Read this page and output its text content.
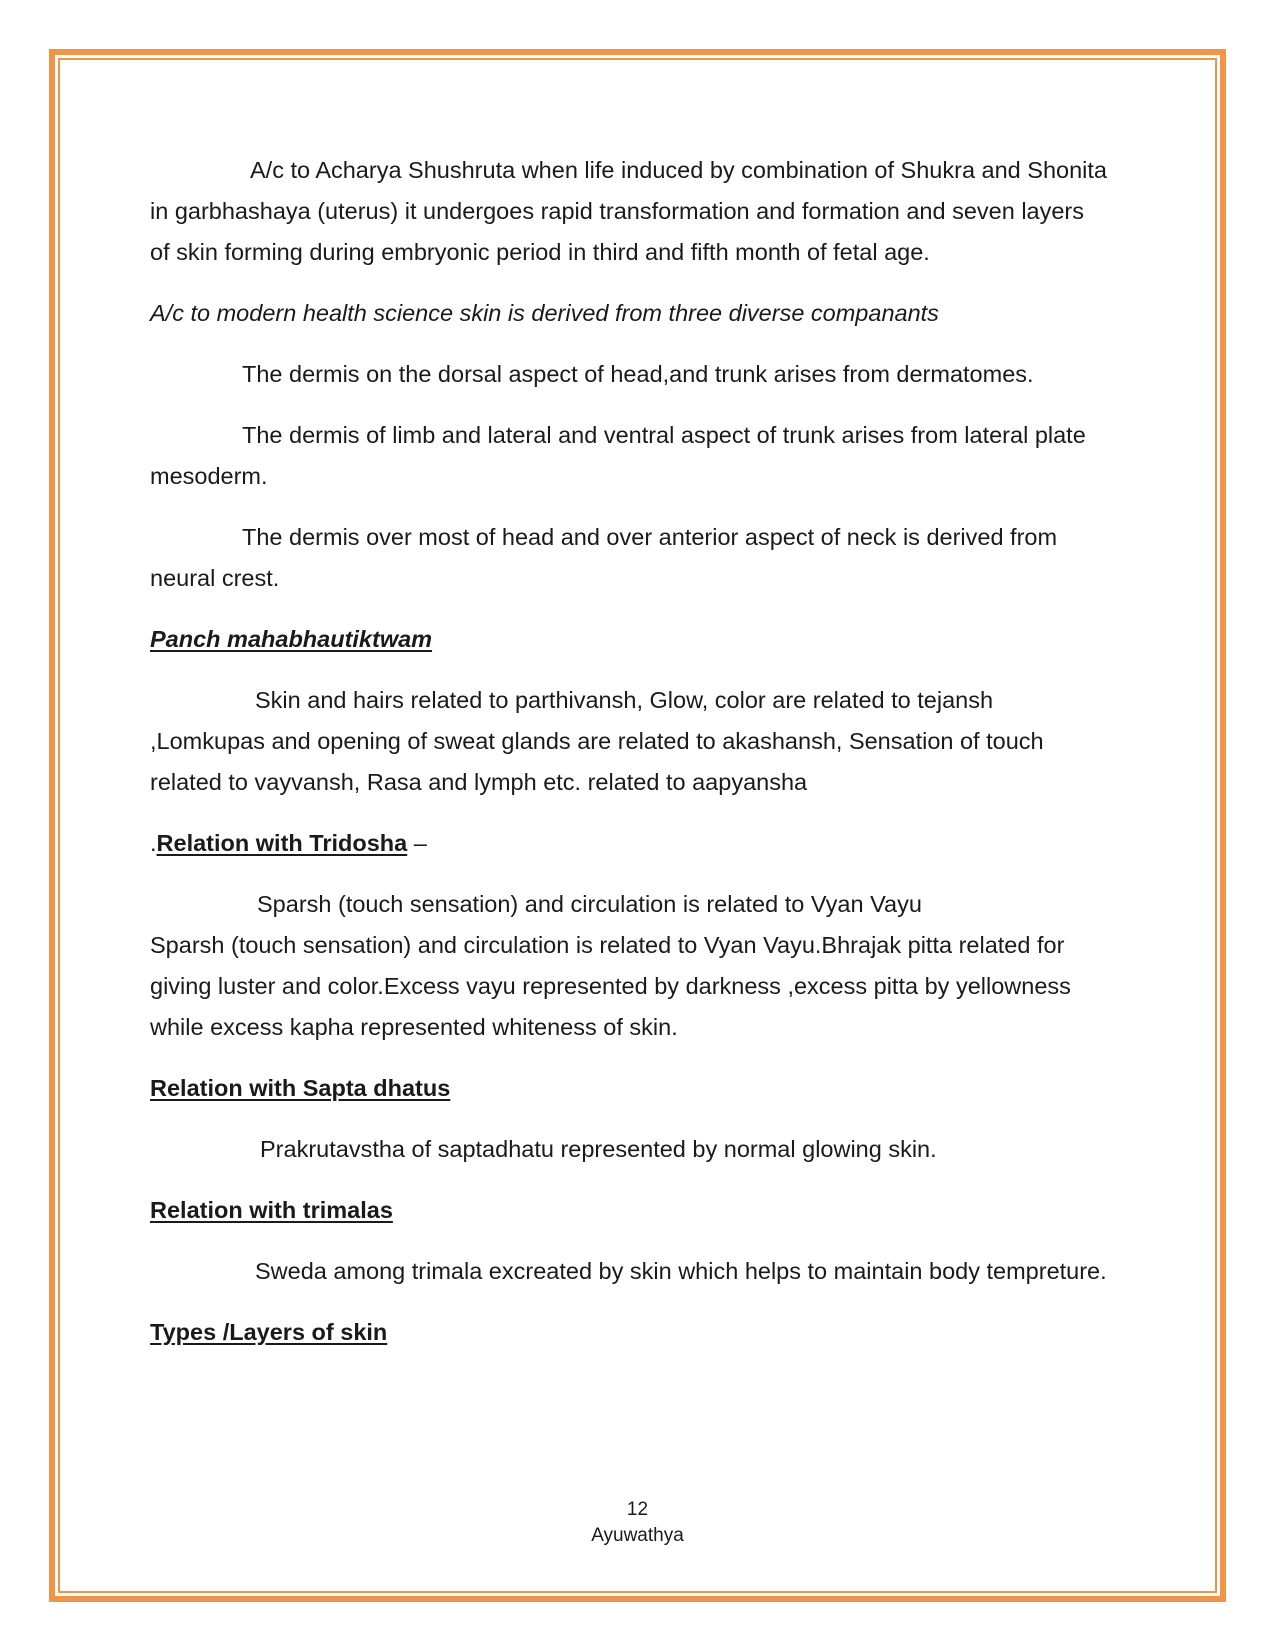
A/c to Acharya Shushruta when life induced by combination of Shukra and Shonita in garbhashaya (uterus) it undergoes rapid transformation and formation and seven layers of skin forming during embryonic period in third and fifth month of fetal age.

A/c to modern health science skin is derived from three diverse companants

The dermis on the dorsal aspect of head,and trunk arises from dermatomes.

The dermis of limb and lateral and ventral aspect of trunk arises from lateral plate mesoderm.

The dermis over most of head and over anterior aspect of neck is derived from neural crest.

Panch mahabhautiktwam

Skin and hairs related to parthivansh, Glow, color are related to tejansh ,Lomkupas and opening of sweat glands are related to akashansh, Sensation of touch related to vayvansh, Rasa and lymph etc. related to aapyansha

.Relation with Tridosha –

Sparsh (touch sensation) and circulation is related to Vyan Vayu
Sparsh (touch sensation) and circulation is related to Vyan Vayu.Bhrajak pitta related for giving luster and color.Excess vayu represented by darkness ,excess pitta by yellowness while excess kapha represented whiteness of skin.

Relation with Sapta dhatus

Prakrutavstha of saptadhatu represented by normal glowing skin.

Relation with trimalas

Sweda among trimala excreated by skin which helps to maintain body tempreture.

Types /Layers of skin

12
Ayuwathya
